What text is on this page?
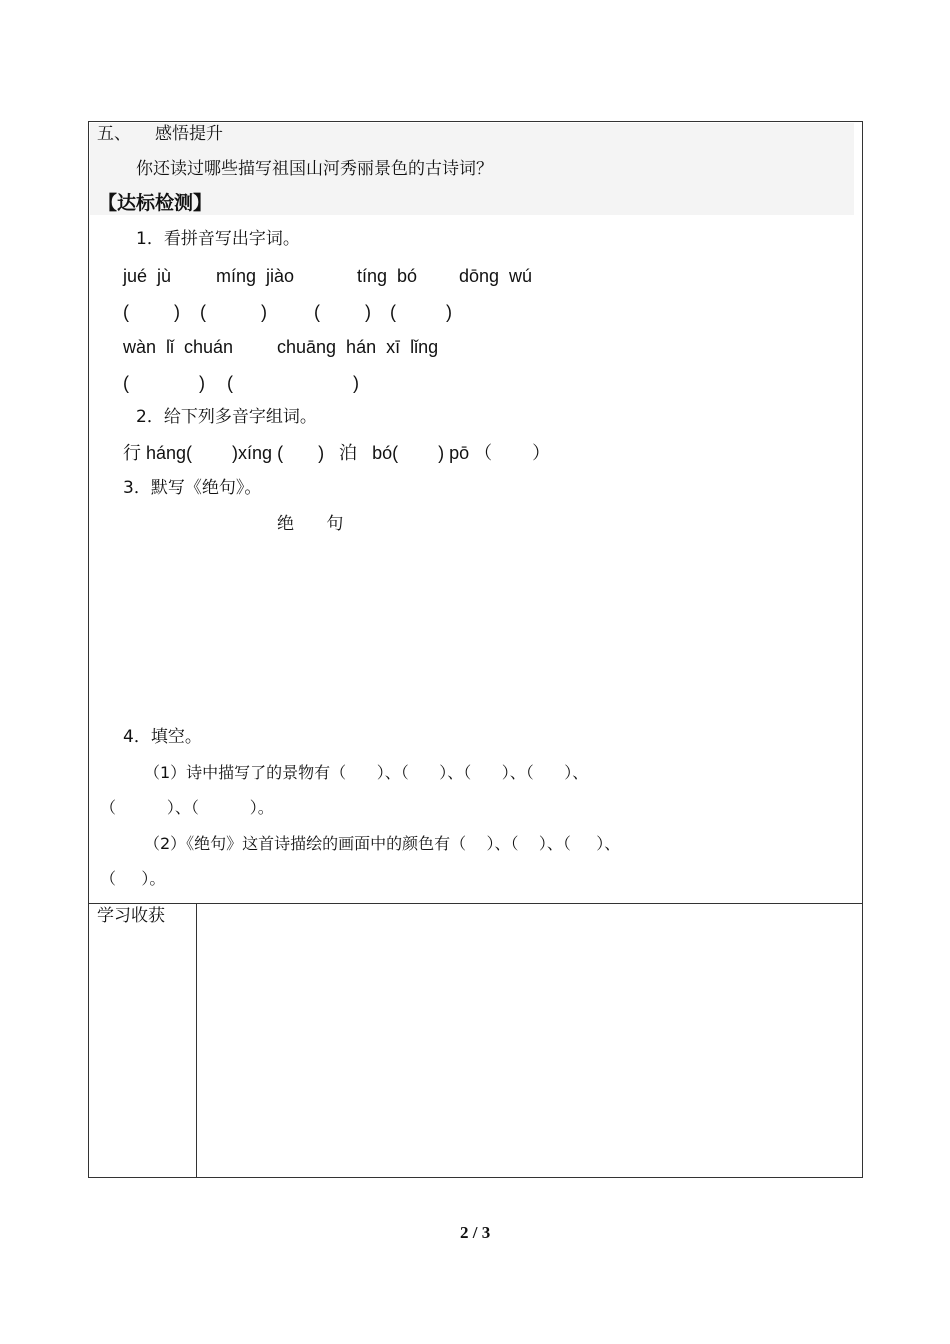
五、 感悟提升
你还读过哪些描写祖国山河秀丽景色的古诗词？
【达标检测】
1．看拼音写出字词。
jué  jù míng  jiào	tíng  bó dōng  wú
(         ) (           )	(         ) (          )
wàn  lǐ  chuán chuāng  hán  xī  lǐng
(              ) (                        )
2．给下列多音字组词。
行 háng(        )xíng (       )   泊   bó(        ) pō （        ）
3．默写《绝句》。
绝      句
4．填空。
（1）诗中描写了的景物有（      ）、（      ）、（      ）、（      ）、
（          ）、（          ）。
（2）《绝句》这首诗描绘的画面中的颜色有（    ）、（    ）、（     ）、
（     ）。
学习收获
2 / 3
